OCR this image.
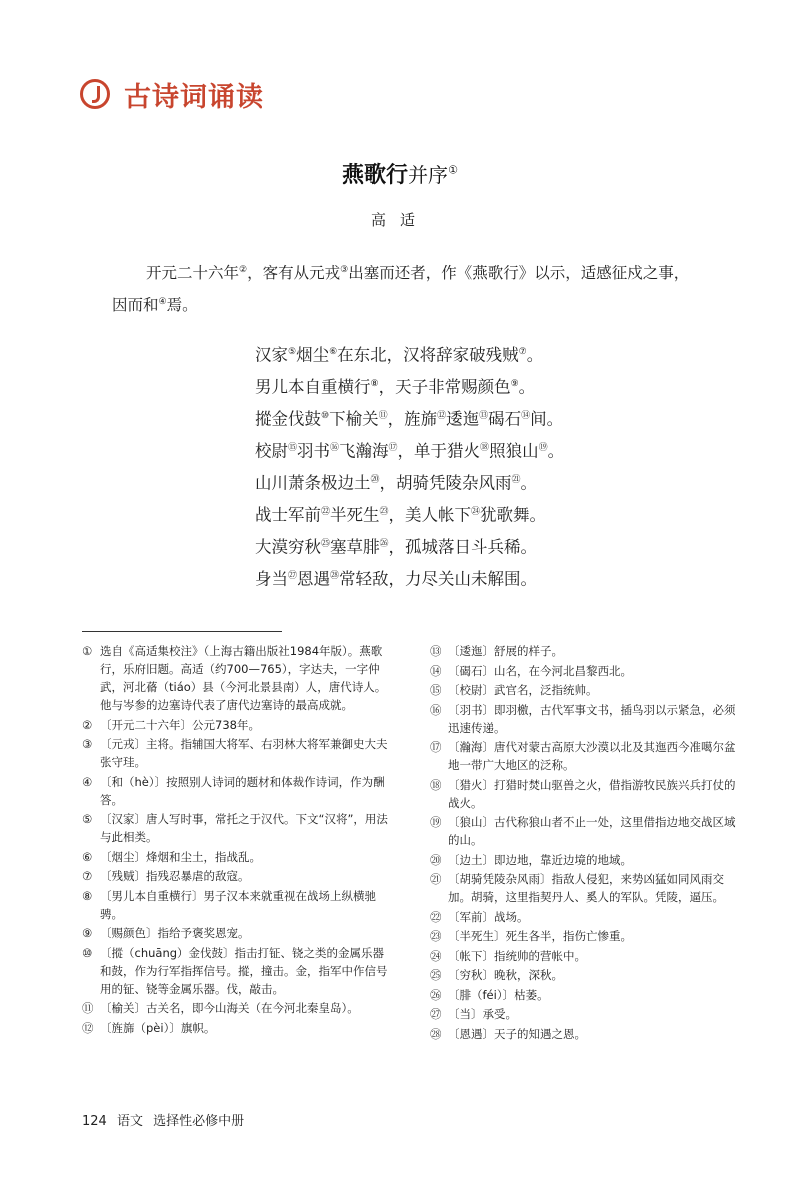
古诗词诵读
燕歌行并序①
高适
开元二十六年②，客有从元戎③出塞而还者，作《燕歌行》以示，适感征戍之事，因而和④焉。
汉家⑤烟尘⑥在东北，汉将辞家破残贼⑦。
男儿本自重横行⑧，天子非常赐颜色⑨。
摐金伐鼓⑩下榆关⑪，旌旆⑫逶迤⑬碣石⑭间。
校尉⑮羽书⑯飞瀚海⑰，单于猎火⑱照狼山⑲。
山川萧条极边土⑳，胡骑凭陵杂风雨$^㉑$。
战士军前$^㉒$半死生$^㉓$，美人帐下$^㉔$犹歌舞。
大漠穷秋$^㉕$塞草腓$^㉖$，孤城落日斗兵稀。
身当$^㉗$恩遇$^㉘$常轻敌，力尽关山未解围。
① 选自《高适集校注》（上海古籍出版社1984年版）。燕歌行，乐府旧题。高适（约700—765），字达夫，一字仲武，河北蓨（tiáo）县（今河北景县南）人，唐代诗人。他与岑参的边塞诗代表了唐代边塞诗的最高成就。
② 〔开元二十六年〕公元738年。
③ 〔元戎〕主将。指辅国大将军、右羽林大将军兼御史大夫张守珪。
④ 〔和（hè）〕按照别人诗词的题材和体裁作诗词，作为酬答。
⑤ 〔汉家〕唐人写时事，常托之于汉代。下文“汉将”，用法与此相类。
⑥ 〔烟尘〕烽烟和尘土，指战乱。
⑦ 〔残贼〕指残忍暴虐的敌寇。
⑧ 〔男儿本自重横行〕男子汉本来就重视在战场上纵横驰骋。
⑨ 〔赐颜色〕指给予褒奖恩宠。
⑩ 〔摐（chuāng）金伐鼓〕指击打钲、铙之类的金属乐器和鼓，作为行军指挥信号。摐，撞击。金，指军中作信号用的钲、铙等金属乐器。伐，敲击。
⑪ 〔榆关〕古关名，即今山海关（在今河北秦皇岛）。
⑫ 〔旌旆（pèi）〕旗帜。
⑬ 〔逶迤〕舒展的样子。
⑭ 〔碣石〕山名，在今河北昌黎西北。
⑮ 〔校尉〕武官名，泛指统帅。
⑯ 〔羽书〕即羽檄，古代军事文书，插鸟羽以示紧急，必须迅速传递。
⑰ 〔瀚海〕唐代对蒙古高原大沙漠以北及其迤西今准噶尔盆地一带广大地区的泛称。
⑱ 〔猎火〕打猎时焚山驱兽之火，借指游牧民族兴兵打仗的战火。
⑲ 〔狼山〕古代称狼山者不止一处，这里借指边地交战区域的山。
⑳ 〔边土〕即边地，靠近边境的地域。
㉑ 〔胡骑凭陵杂风雨〕指敌人侵犯，来势凶猛如同风雨交加。胡骑，这里指契丹人、奚人的军队。凭陵，逼压。
㉒ 〔军前〕战场。
㉓ 〔半死生〕死生各半，指伤亡惨重。
㉔ 〔帐下〕指统帅的营帐中。
㉕ 〔穷秋〕晚秋，深秋。
㉖ 〔腓（féi）〕枯萎。
㉗ 〔当〕承受。
㉘ 〔恩遇〕天子的知遇之恩。
124 语文 选择性必修中册
